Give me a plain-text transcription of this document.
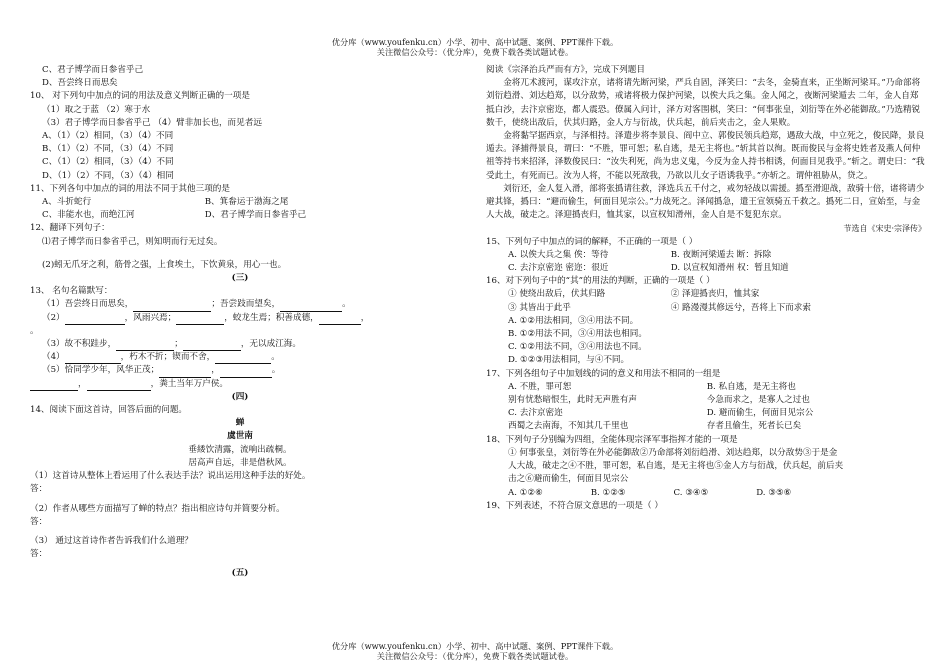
优分库（www.youfenku.cn）小学、初中、高中试题、案例、PPT课件下载。
关注微信公众号：（优分库），免费下载各类试题试卷。
C、君子博学而日参省乎己
D、吾尝终日而思矣
10、 对下列句中加点的词的用法及意义判断正确的一项是
（1）取之于蓝 （2）寒于水
（3）君子博学而日参省乎己 （4）臂非加长也，而见者远
A、（1）（2）相同，（3）（4）不同
B、（1）（2）不同，（3）（4）不同
C、（1）（2）相同，（3）（4）不同
D、（1）（2）不同，（3）（4）相同
11、下列各句中加点的词的用法不同于其他三项的是
A、斗折蛇行	B、箕畚运于渤海之尾
C、非能水也，而绝江河	D、君子博学而日参省乎己
12、翻译下列句子：
⑴君子博学而日参省乎己，则知明而行无过矣。
(2)蚓无爪牙之利，筋骨之强，上食埃土，下饮黄泉，用心一也。
(三)
13、 名句名篇默写：
（1）吾尝终日而思矣，	；吾尝跂而望矣，	。
（2）	，风雨兴焉；	，蛟龙生焉；积善成德，	，
。
（3）故不积跬步，	；	，无以成江海。
（4）	，朽木不折；锲而不舍，	。
（5）恰同学少年，风华正茂；	，	。
，	，粪土当年万户侯。
(四)
14、阅读下面这首诗，回答后面的问题。
蝉
虞世南
垂緌饮清露，流响出疏桐。
居高声自远，非是借秋风。
（1）这首诗从整体上看运用了什么表达手法？说出运用这种手法的好处。
答：
（2）作者从哪些方面描写了蝉的特点？指出相应诗句并简要分析。
答：
（3） 通过这首诗作者告诉我们什么道理？
答：
(五)
阅读《宗泽治兵严而有方》，完成下列题目
金将兀术渡河，谋攻汴京，诸将请先断河梁，严兵自固，泽笑曰：“去冬，金骑直来，正坐断河梁耳。”乃命部将刘衍趋滑、刘达趋郑，以分敌势，戒诸将极力保护河梁，以俟大兵之集。金人闻之，夜断河梁遁去 二年，金人自郑抵白沙，去汴京密迩，都人震恐。僚属入问计，泽方对客围棋，笑曰：“何事张皇，刘衍等在外必能御敌。”乃选精锐数千，使绕出敌后，伏其归路，金人方与衍战，伏兵起，前后夹击之，金人果败。
金将黏罕据西京，与泽相持。泽遣步将李景良、阎中立、郭俊民领兵趋郑，遇敌大战，中立死之，俊民降，景良遁去。泽捕得景良，谓曰：“不胜，罪可恕；私自逃，是无主将也。”斩其首以徇。既而俊民与金将史姓者及燕人何仲祖等持书来招泽，泽数俊民曰：“汝失利死，尚为忠义鬼，今反为金人持书相诱，何面目见我乎。”斩之。谓史曰：“我受此土，有死而已。汝为人将，不能以死敌我，乃欲以儿女子语诱我乎。”亦斩之。谓仲祖胁从，贷之。
刘衍还，金人复入滑，部将张撝请往救，泽选兵五千付之，戒勿轻战以需援。撝至滑迎战，敌骑十倍，诸将请少避其锋，撝曰：“避而偷生，何面目见宗公。”力战死之。泽闻撝急，遣王宣领骑五千救之。撝死二日，宣始至，与金人大战，破走之。泽迎撝丧归，恤其家，以宣权知滑州，金人自是不复犯东京。
节选自《宋史·宗泽传》
15、下列句子中加点的词的解释，不正确的一项是（ ）
A. 以俟大兵之集 俟：等待	B. 夜断河梁遁去 断：拆除
C. 去汴京密迩 密迩：很近	D. 以宣权知滑州 权：暂且知道
16、对下列句子中的“其”的用法的判断，正确的一项是（ ）
① 使绕出敌后，伏其归路	② 泽迎撝丧归，恤其家
③ 其皆出于此乎	④ 路漫漫其修远兮，吾将上下而求索
A. ①②用法相同，③④用法不同。
B. ①②用法不同，③④用法也相同。
C. ①②用法不同，③④用法也不同。
D. ①②③用法相同，与④不同。
17、下列各组句子中加划线的词的意义和用法不相同的一组是
A. 不胜，罪可恕	B. 私自逃，是无主将也
别有忧愁暗恨生，此时无声胜有声	今急而求之，是寡人之过也
C. 去汴京密迩	D. 避而偷生，何面目见宗公
西蜀之去南海，不知其几千里也	存者且偷生，死者长已矣
18、下列句子分别编为四组，全能体现宗泽军事指挥才能的一项是
① 何事张皇，刘衍等在外必能御敌②乃命部将刘衍趋滑、刘达趋郑，以分敌势③于是金
人大战，破走之④不胜，罪可恕，私自逃，是无主将也⑤金人方与衍战，伏兵起，前后夹
击之⑥避而偷生，何面目见宗公
A. ①②⑥	B. ①②⑤	C. ③④⑤	D. ③⑤⑥
19、下列表述，不符合原文意思的一项是（ ）
优分库（www.youfenku.cn）小学、初中、高中试题、案例、PPT课件下载。
关注微信公众号：（优分库），免费下载各类试题试卷。
